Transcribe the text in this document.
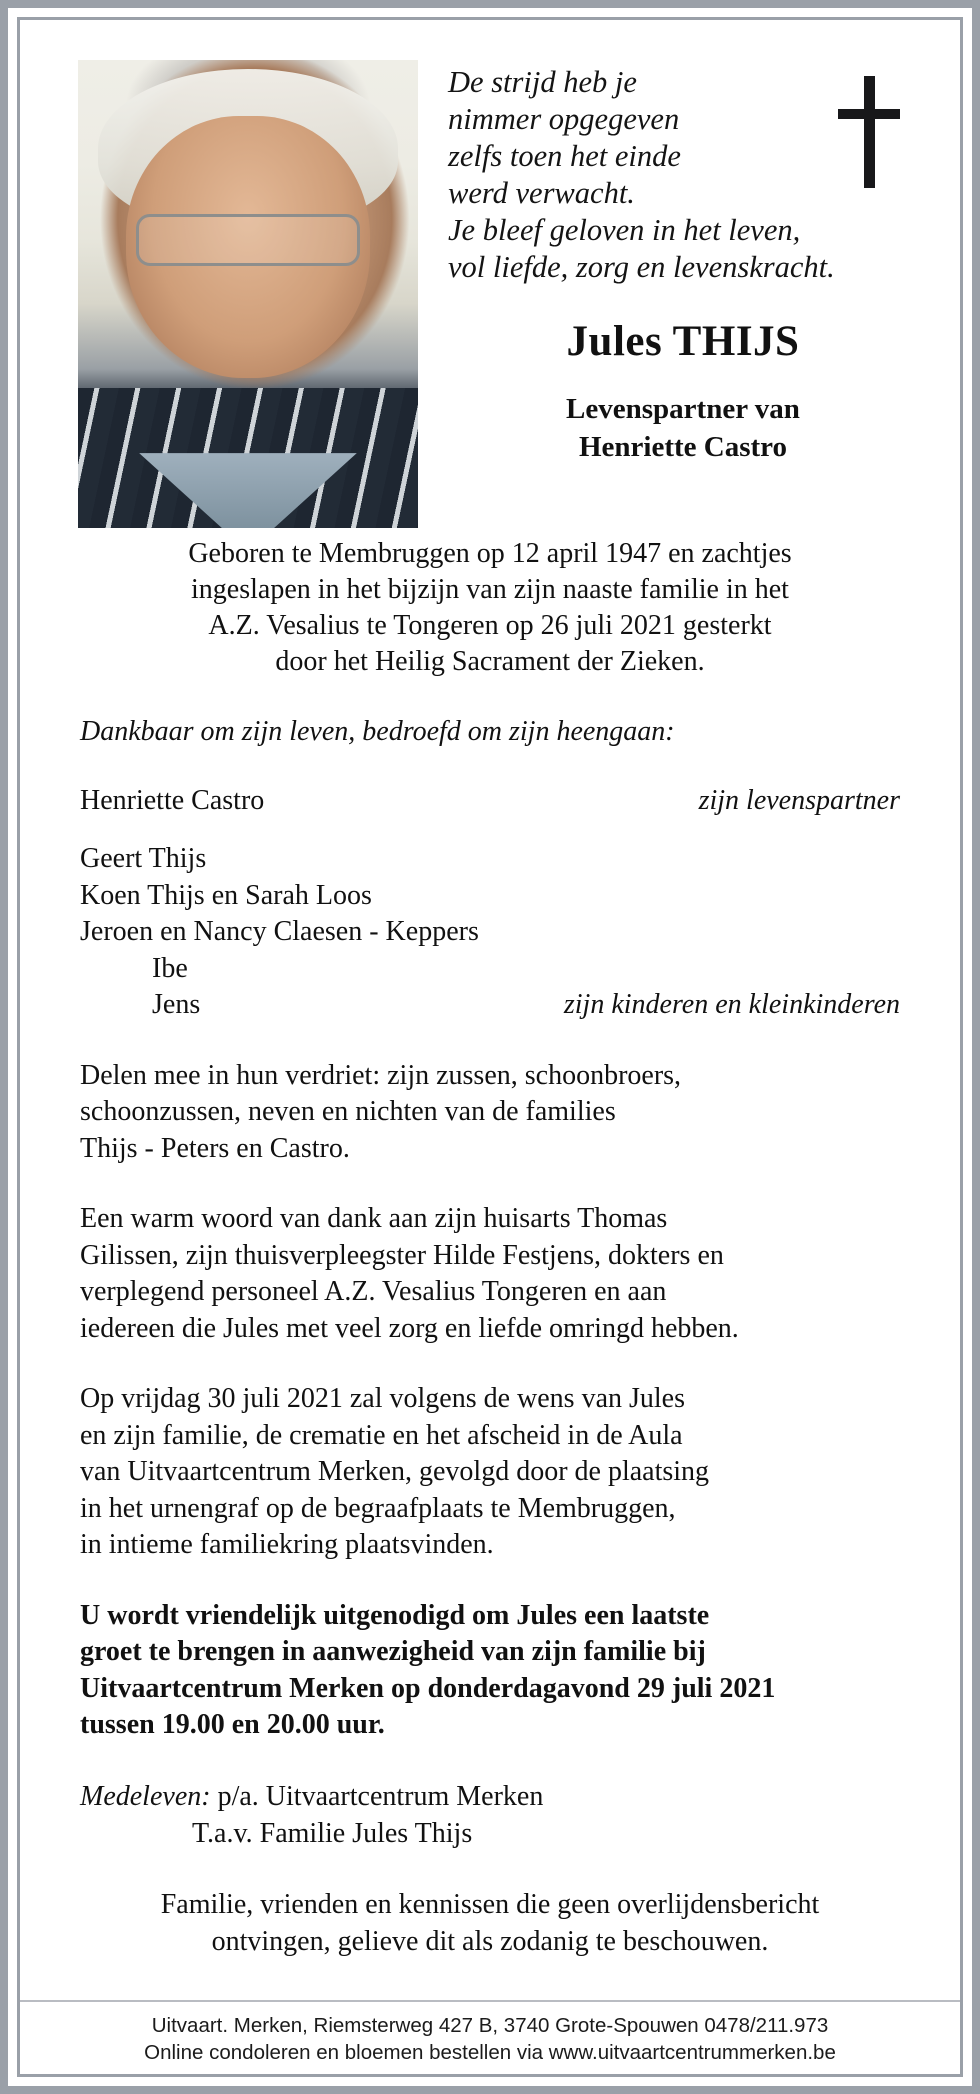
De strijd heb je
nimmer opgegeven
zelfs toen het einde
werd verwacht.
Je bleef geloven in het leven,
vol liefde, zorg en levenskracht.
Jules THIJS
Levenspartner van
Henriette Castro
Geboren te Membruggen op 12 april 1947 en zachtjes
ingeslapen in het bijzijn van zijn naaste familie in het
A.Z. Vesalius te Tongeren op 26 juli 2021 gesterkt
door het Heilig Sacrament der Zieken.
Dankbaar om zijn leven, bedroefd om zijn heengaan:
Henriette Castro	zijn levenspartner
Geert Thijs
Koen Thijs en Sarah Loos
Jeroen en Nancy Claesen - Keppers
Ibe
Jens	zijn kinderen en kleinkinderen
Delen mee in hun verdriet: zijn zussen, schoonbroers,
schoonzussen, neven en nichten van de families
Thijs - Peters en Castro.
Een warm woord van dank aan zijn huisarts Thomas
Gilissen, zijn thuisverpleegster Hilde Festjens, dokters en
verplegend personeel A.Z. Vesalius Tongeren en aan
iedereen die Jules met veel zorg en liefde omringd hebben.
Op vrijdag 30 juli 2021 zal volgens de wens van Jules
en zijn familie, de crematie en het afscheid in de Aula
van Uitvaartcentrum Merken, gevolgd door de plaatsing
in het urnengraf op de begraafplaats te Membruggen,
in intieme familiekring plaatsvinden.
U wordt vriendelijk uitgenodigd om Jules een laatste
groet te brengen in aanwezigheid van zijn familie bij
Uitvaartcentrum Merken op donderdagavond 29 juli 2021
tussen 19.00 en 20.00 uur.
Medeleven: p/a. Uitvaartcentrum Merken
T.a.v. Familie Jules Thijs
Familie, vrienden en kennissen die geen overlijdensbericht
ontvingen, gelieve dit als zodanig te beschouwen.
Uitvaart. Merken, Riemsterweg 427 B, 3740 Grote-Spouwen 0478/211.973
Online condoleren en bloemen bestellen via www.uitvaartcentrummerken.be
